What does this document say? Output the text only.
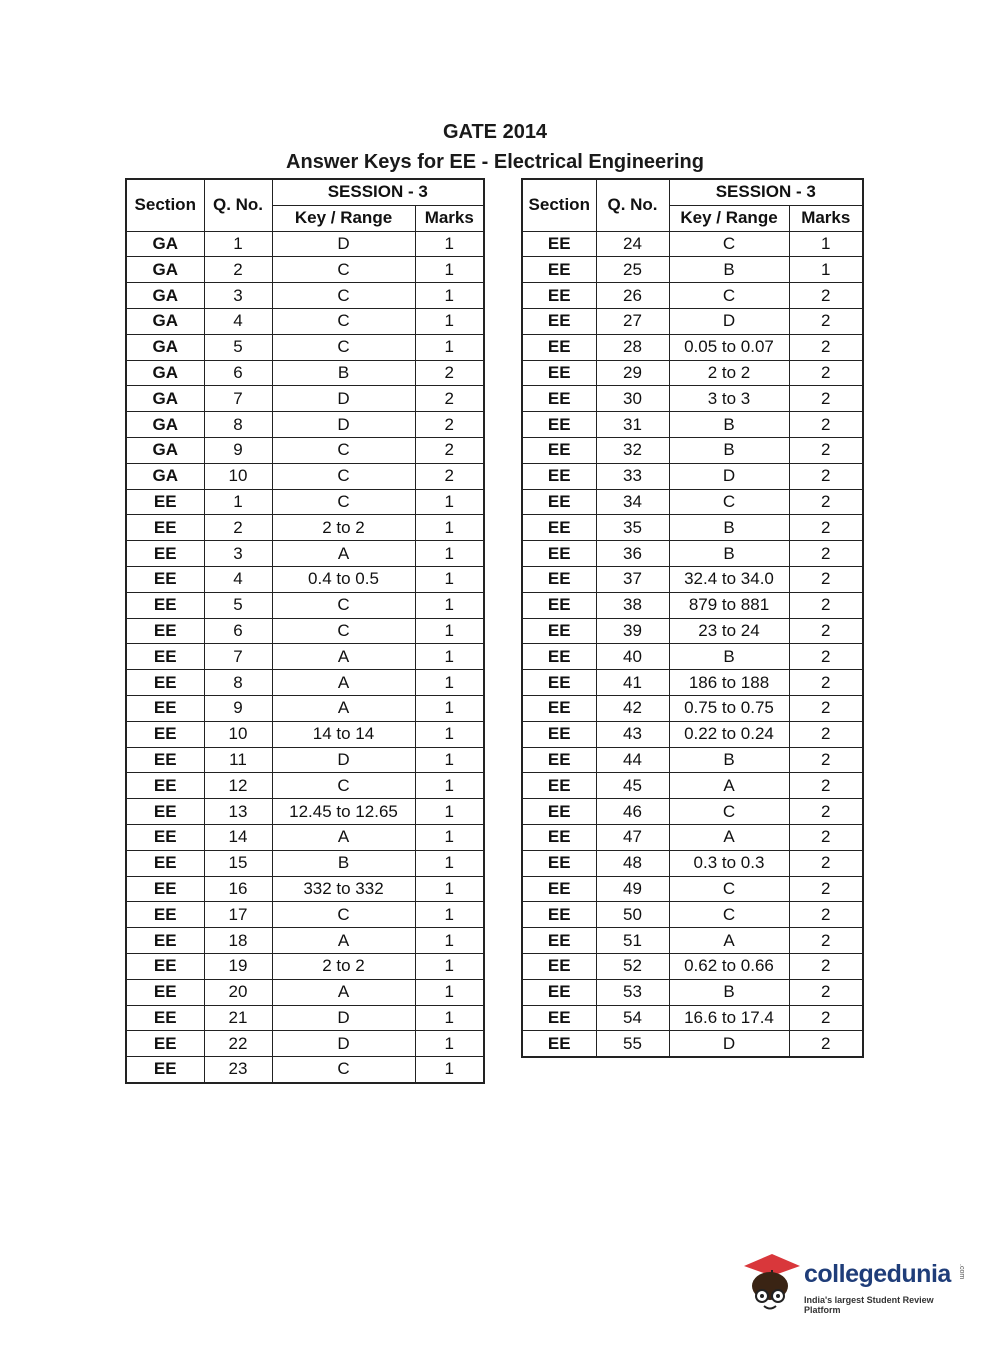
GATE 2014
Answer Keys for EE - Electrical Engineering
Section	Q. No.	SESSION - 3	
		Key / Range	Marks
GA	1	D	1
GA	2	C	1
GA	3	C	1
GA	4	C	1
GA	5	C	1
GA	6	B	2
GA	7	D	2
GA	8	D	2
GA	9	C	2
GA	10	C	2
EE	1	C	1
EE	2	2 to 2	1
EE	3	A	1
EE	4	0.4 to 0.5	1
EE	5	C	1
EE	6	C	1
EE	7	A	1
EE	8	A	1
EE	9	A	1
EE	10	14 to 14	1
EE	11	D	1
EE	12	C	1
EE	13	12.45 to 12.65	1
EE	14	A	1
EE	15	B	1
EE	16	332 to 332	1
EE	17	C	1
EE	18	A	1
EE	19	2 to 2	1
EE	20	A	1
EE	21	D	1
EE	22	D	1
EE	23	C	1
Section	Q. No.	SESSION - 3	
		Key / Range	Marks
EE	24	C	1
EE	25	B	1
EE	26	C	2
EE	27	D	2
EE	28	0.05 to 0.07	2
EE	29	2 to 2	2
EE	30	3 to 3	2
EE	31	B	2
EE	32	B	2
EE	33	D	2
EE	34	C	2
EE	35	B	2
EE	36	B	2
EE	37	32.4 to 34.0	2
EE	38	879 to 881	2
EE	39	23 to 24	2
EE	40	B	2
EE	41	186 to 188	2
EE	42	0.75 to 0.75	2
EE	43	0.22 to 0.24	2
EE	44	B	2
EE	45	A	2
EE	46	C	2
EE	47	A	2
EE	48	0.3 to 0.3	2
EE	49	C	2
EE	50	C	2
EE	51	A	2
EE	52	0.62 to 0.66	2
EE	53	B	2
EE	54	16.6 to 17.4	2
EE	55	D	2
collegedunia .com
India's largest Student Review Platform
